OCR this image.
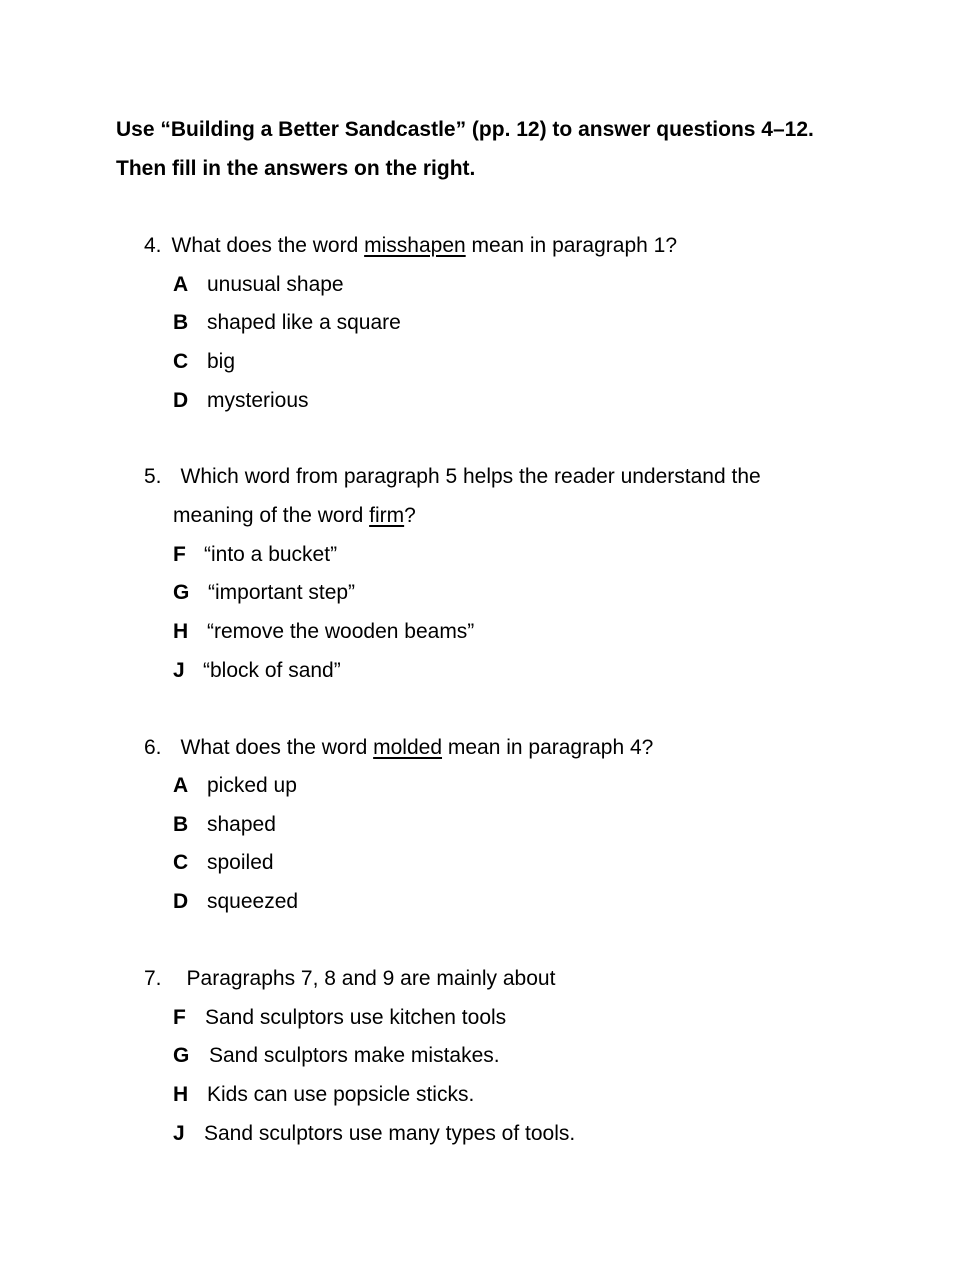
Use “Building a Better Sandcastle” (pp. 12) to answer questions 4–12.
Then fill in the answers on the right.
4. What does the word misshapen mean in paragraph 1?
A unusual shape
B shaped like a square
C big
D mysterious
5. Which word from paragraph 5 helps the reader understand the
meaning of the word firm?
F “into a bucket”
G “important step”
H “remove the wooden beams”
J “block of sand”
6. What does the word molded mean in paragraph 4?
A picked up
B shaped
C spoiled
D squeezed
7. Paragraphs 7, 8 and 9 are mainly about
F Sand sculptors use kitchen tools
G Sand sculptors make mistakes.
H Kids can use popsicle sticks.
J Sand sculptors use many types of tools.
